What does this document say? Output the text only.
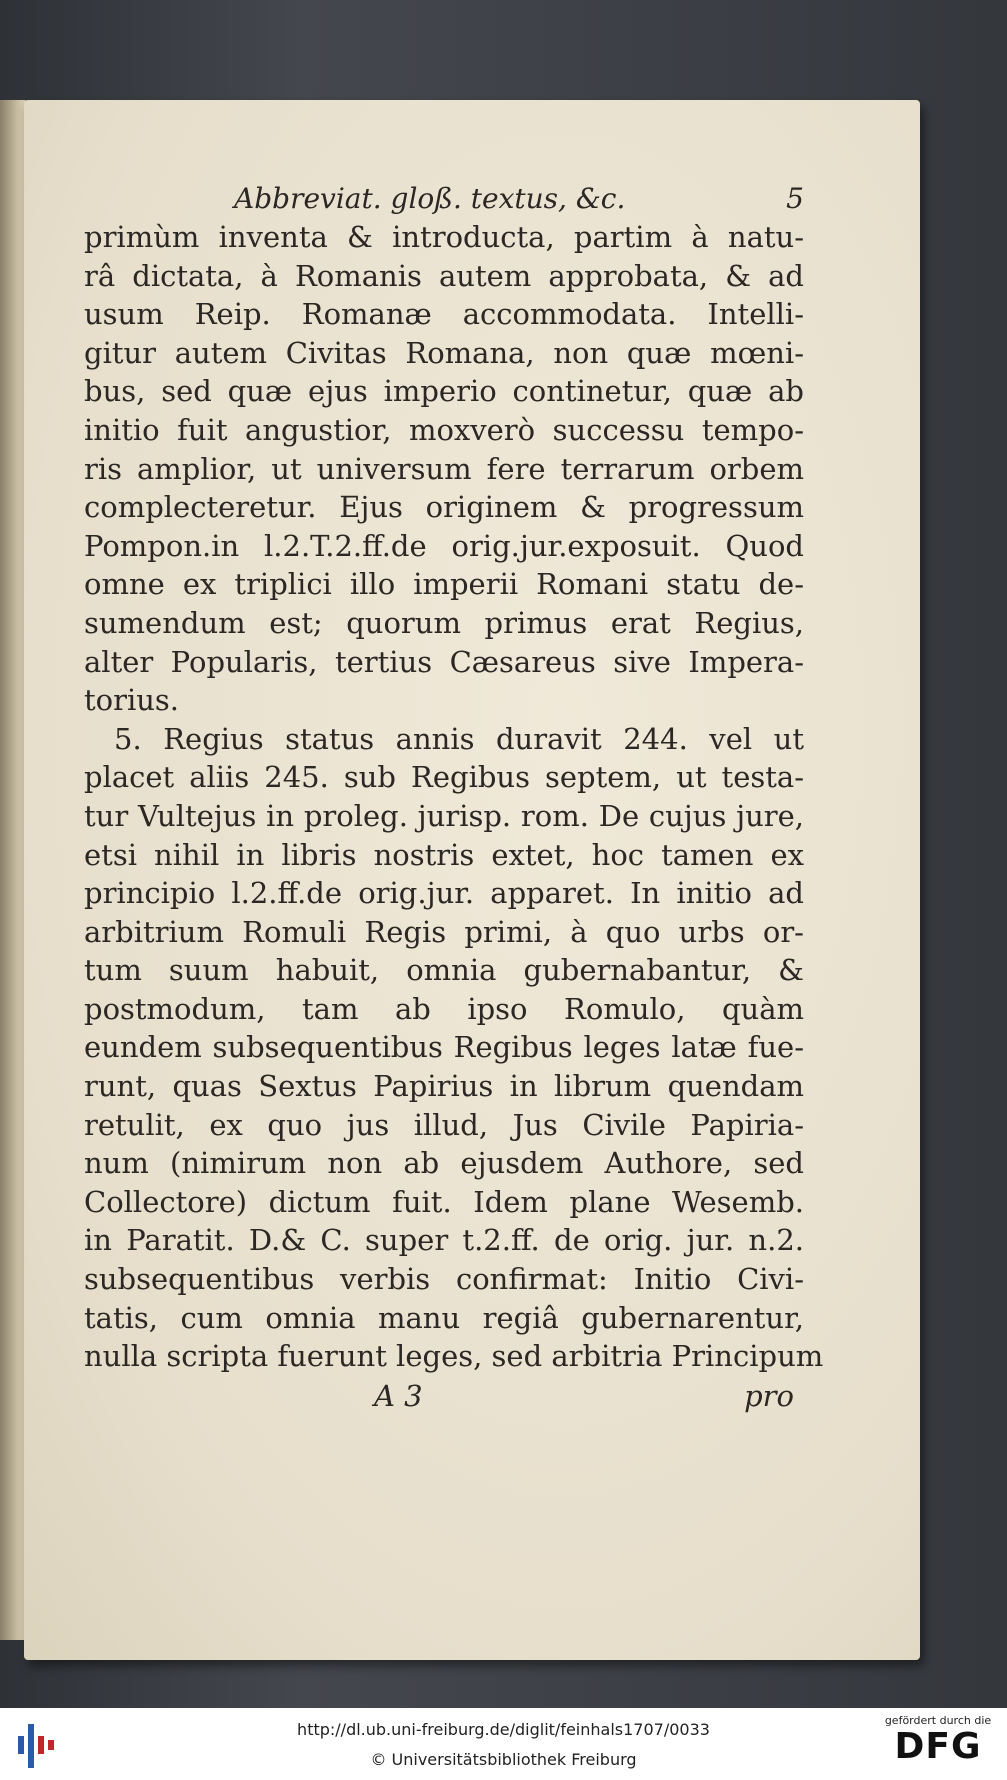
Abbreviat. gloß. textus, &c.	5
primùm inventa & introducta, partim à natu-
râ dictata, à Romanis autem approbata, & ad
usum Reip. Romanæ accommodata. Intelli-
gitur autem Civitas Romana, non quæ mœni-
bus, sed quæ ejus imperio continetur, quæ ab
initio fuit angustior, moxverò successu tempo-
ris amplior, ut universum fere terrarum orbem
complecteretur. Ejus originem & progressum
Pompon.in l.2.T.2.ff.de orig.jur.exposuit. Quod
omne ex triplici illo imperii Romani statu de-
sumendum est; quorum primus erat Regius,
alter Popularis, tertius Cæsareus sive Impera-
torius.
5. Regius status annis duravit 244. vel ut
placet aliis 245. sub Regibus septem, ut testa-
tur Vultejus in proleg. jurisp. rom. De cujus jure,
etsi nihil in libris nostris extet, hoc tamen ex
principio l.2.ff.de orig.jur. apparet. In initio ad
arbitrium Romuli Regis primi, à quo urbs or-
tum suum habuit, omnia gubernabantur, &
postmodum, tam ab ipso Romulo, quàm
eundem subsequentibus Regibus leges latæ fue-
runt, quas Sextus Papirius in librum quendam
retulit, ex quo jus illud, Jus Civile Papiria-
num (nimirum non ab ejusdem Authore, sed
Collectore) dictum fuit. Idem plane Wesemb.
in Paratit. D.& C. super t.2.ff. de orig. jur. n.2.
subsequentibus verbis confirmat: Initio Civi-
tatis, cum omnia manu regiâ gubernarentur,
nulla scripta fuerunt leges, sed arbitria Principum
A 3	pro
http://dl.ub.uni-freiburg.de/diglit/feinhals1707/0033
© Universitätsbibliothek Freiburg
gefördert durch die
DFG
